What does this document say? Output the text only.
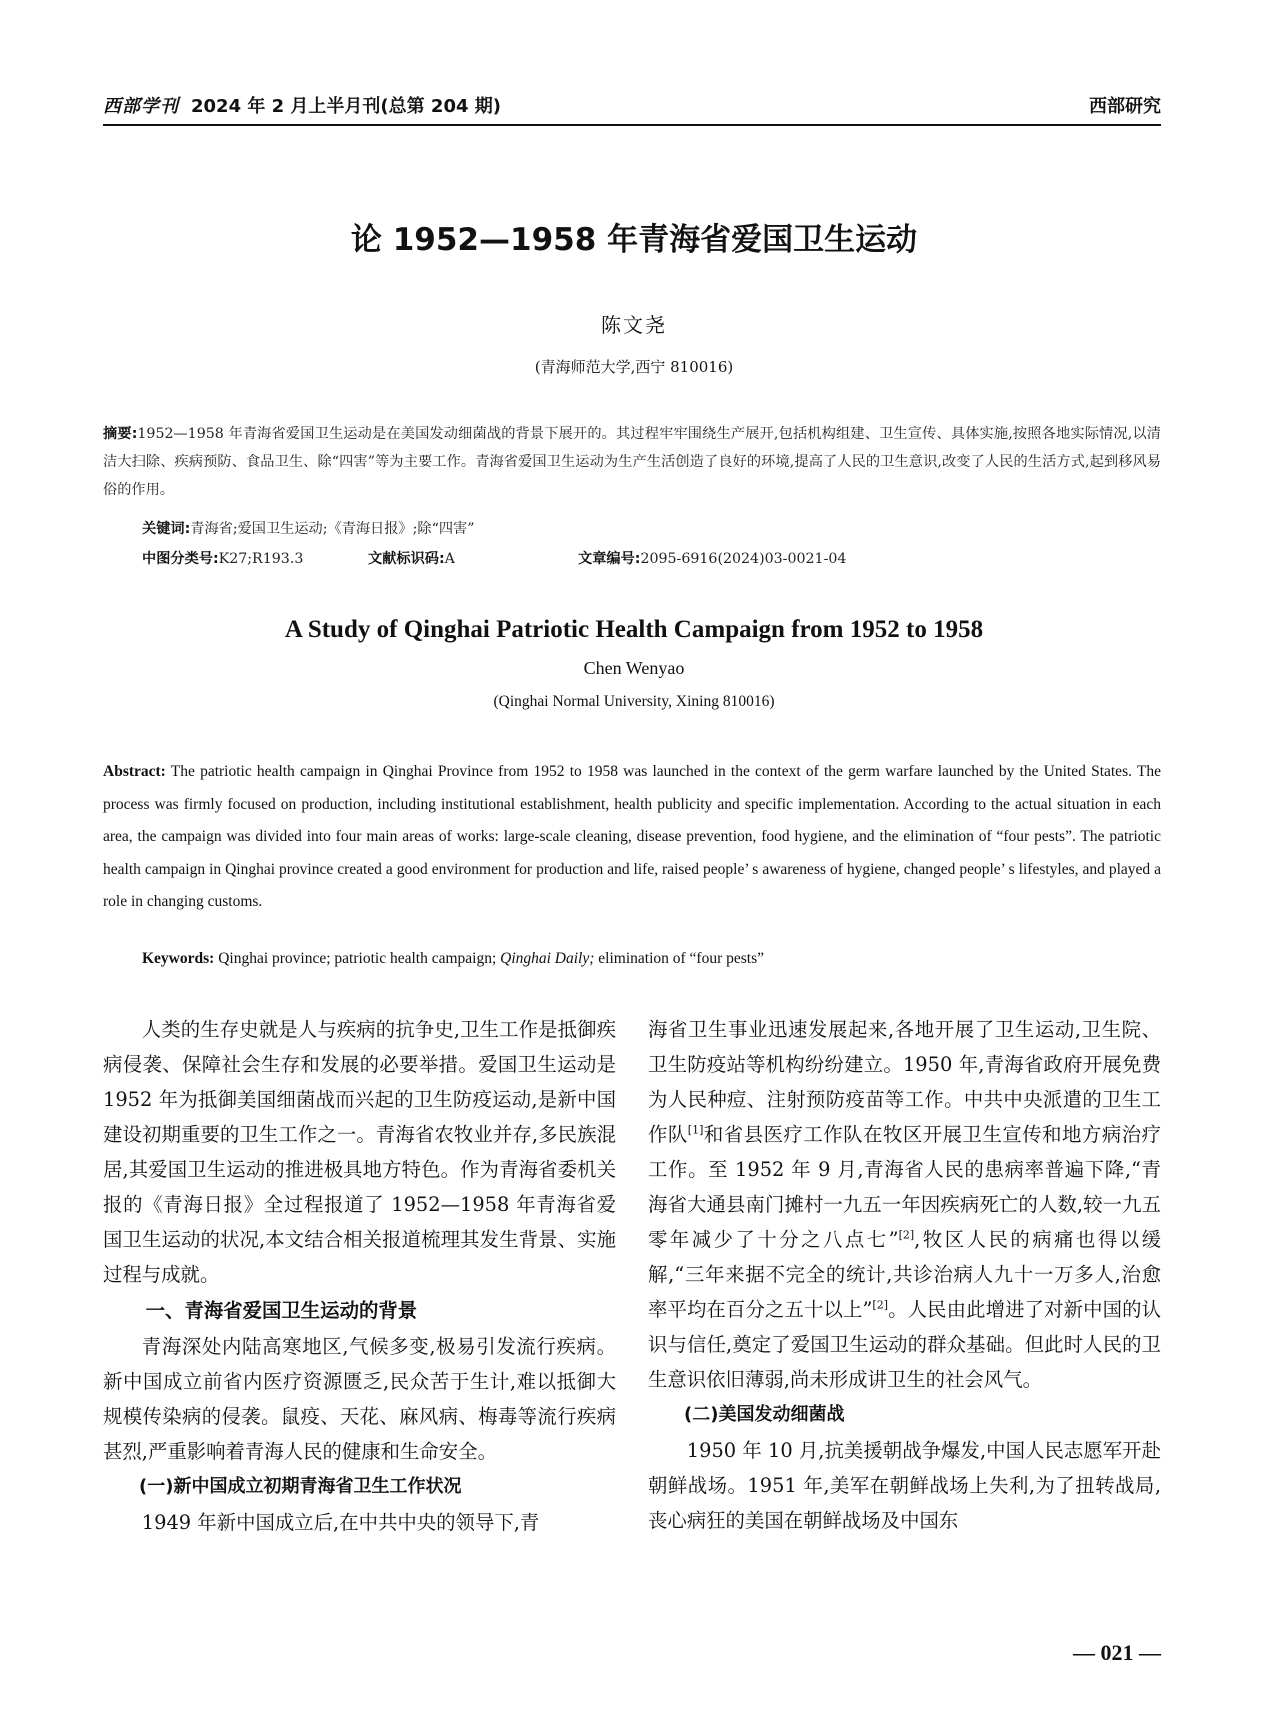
西部学刊 2024 年 2 月上半月刊(总第 204 期)	西部研究
论 1952—1958 年青海省爱国卫生运动
陈文尧
(青海师范大学,西宁 810016)
摘要:1952—1958 年青海省爱国卫生运动是在美国发动细菌战的背景下展开的。其过程牢牢围绕生产展开,包括机构组建、卫生宣传、具体实施,按照各地实际情况,以清洁大扫除、疾病预防、食品卫生、除“四害”等为主要工作。青海省爱国卫生运动为生产生活创造了良好的环境,提高了人民的卫生意识,改变了人民的生活方式,起到移风易俗的作用。
关键词:青海省;爱国卫生运动;《青海日报》;除“四害”
中图分类号:K27;R193.3	文献标识码:A	文章编号:2095-6916(2024)03-0021-04
A Study of Qinghai Patriotic Health Campaign from 1952 to 1958
Chen Wenyao
(Qinghai Normal University, Xining 810016)
Abstract: The patriotic health campaign in Qinghai Province from 1952 to 1958 was launched in the context of the germ warfare launched by the United States. The process was firmly focused on production, including institutional establishment, health publicity and specific implementation. According to the actual situation in each area, the campaign was divided into four main areas of works: large-scale cleaning, disease prevention, food hygiene, and the elimination of “four pests”. The patriotic health campaign in Qinghai province created a good environment for production and life, raised people’ s awareness of hygiene, changed people’ s lifestyles, and played a role in changing customs.
Keywords: Qinghai province; patriotic health campaign; Qinghai Daily; elimination of “four pests”

人类的生存史就是人与疾病的抗争史,卫生工作是抵御疾病侵袭、保障社会生存和发展的必要举措。爱国卫生运动是 1952 年为抵御美国细菌战而兴起的卫生防疫运动,是新中国建设初期重要的卫生工作之一。青海省农牧业并存,多民族混居,其爱国卫生运动的推进极具地方特色。作为青海省委机关报的《青海日报》全过程报道了 1952—1958 年青海省爱国卫生运动的状况,本文结合相关报道梳理其发生背景、实施过程与成就。

一、青海省爱国卫生运动的背景

青海深处内陆高寒地区,气候多变,极易引发流行疾病。新中国成立前省内医疗资源匮乏,民众苦于生计,难以抵御大规模传染病的侵袭。鼠疫、天花、麻风病、梅毒等流行疾病甚烈,严重影响着青海人民的健康和生命安全。

(一)新中国成立初期青海省卫生工作状况

1949 年新中国成立后,在中共中央的领导下,青

海省卫生事业迅速发展起来,各地开展了卫生运动,卫生院、卫生防疫站等机构纷纷建立。1950 年,青海省政府开展免费为人民种痘、注射预防疫苗等工作。中共中央派遣的卫生工作队[1]和省县医疗工作队在牧区开展卫生宣传和地方病治疗工作。至 1952 年 9 月,青海省人民的患病率普遍下降,“青海省大通县南门摊村一九五一年因疾病死亡的人数,较一九五零年减少了十分之八点七”[2],牧区人民的病痛也得以缓解,“三年来据不完全的统计,共诊治病人九十一万多人,治愈率平均在百分之五十以上”[2]。人民由此增进了对新中国的认识与信任,奠定了爱国卫生运动的群众基础。但此时人民的卫生意识依旧薄弱,尚未形成讲卫生的社会风气。

(二)美国发动细菌战

1950 年 10 月,抗美援朝战争爆发,中国人民志愿军开赴朝鲜战场。1951 年,美军在朝鲜战场上失利,为了扭转战局,丧心病狂的美国在朝鲜战场及中国东

— 021 —
